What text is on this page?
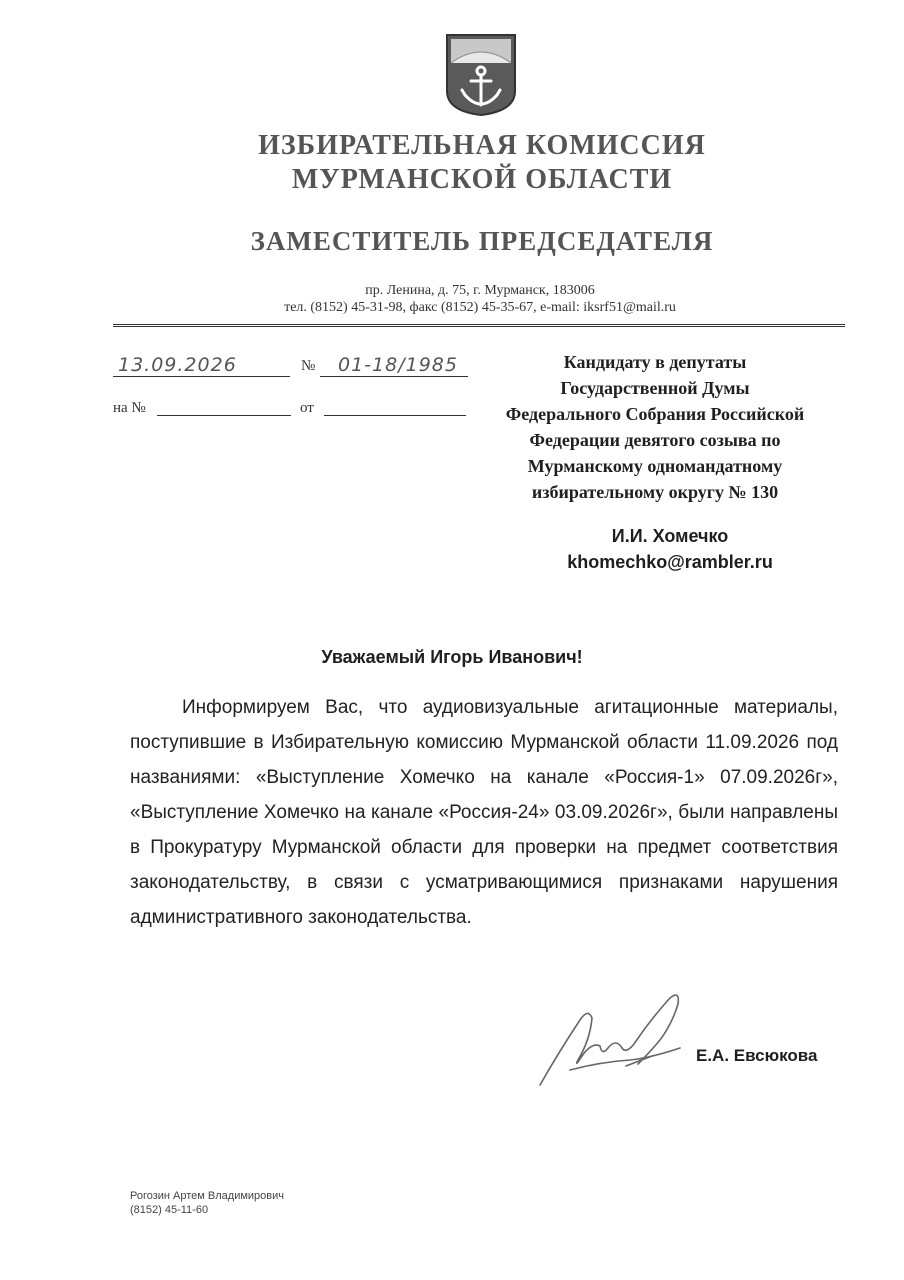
ИЗБИРАТЕЛЬНАЯ КОМИССИЯ
МУРМАНСКОЙ ОБЛАСТИ
ЗАМЕСТИТЕЛЬ ПРЕДСЕДАТЕЛЯ
пр. Ленина, д. 75, г. Мурманск, 183006
тел. (8152) 45-31-98, факс (8152) 45-35-67, e-mail: iksrf51@mail.ru
13.09.2026	№ 01-18/1985
на №	от
Кандидату в депутаты
Государственной Думы
Федерального Собрания Российской
Федерации девятого созыва по
Мурманскому одномандатному
избирательному округу № 130
И.И. Хомечко
khomechko@rambler.ru
Уважаемый Игорь Иванович!
Информируем Вас, что аудиовизуальные агитационные материалы, поступившие в Избирательную комиссию Мурманской области 11.09.2026 под названиями: «Выступление Хомечко на канале «Россия-1» 07.09.2026г», «Выступление Хомечко на канале «Россия-24» 03.09.2026г», были направлены в Прокуратуру Мурманской области для проверки на предмет соответствия законодательству, в связи с усматривающимися признаками нарушения административного законодательства.
Е.А. Евсюкова
Рогозин Артем Владимирович
(8152) 45-11-60
